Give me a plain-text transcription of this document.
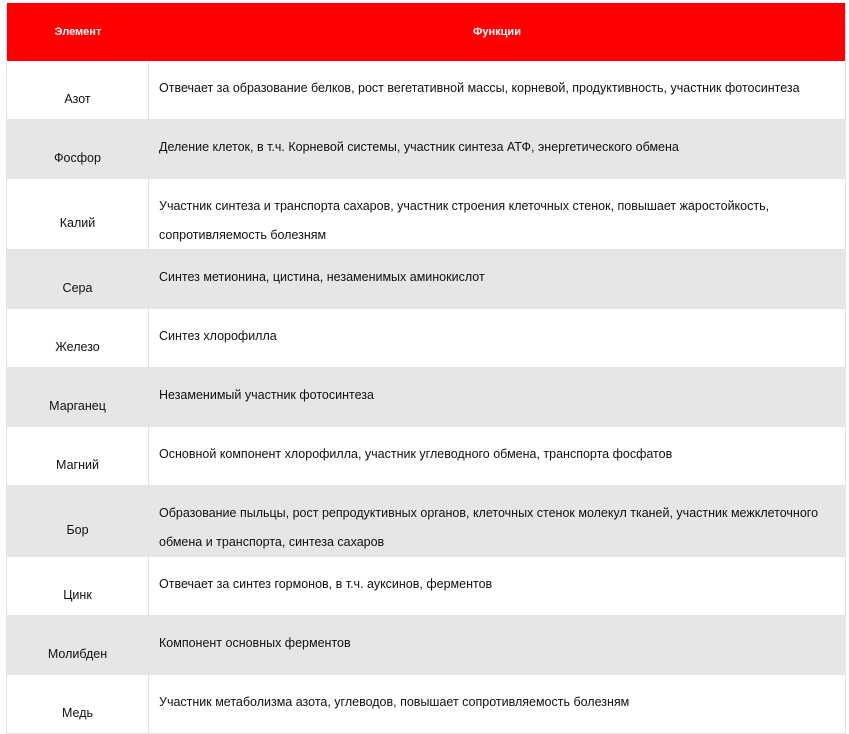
Элемент	Функции
Азот
Отвечает за образование белков, рост вегетативной массы, корневой, продуктивность, участник фотосинтеза
Фосфор
Деление клеток, в т.ч. Корневой системы, участник синтеза АТФ, энергетического обмена
Калий
Участник синтеза и транспорта сахаров, участник строения клеточных стенок, повышает жаростойкость, сопротивляемость болезням
Сера
Синтез метионина, цистина, незаменимых аминокислот
Железо
Синтез хлорофилла
Марганец
Незаменимый участник фотосинтеза
Магний
Основной компонент хлорофилла, участник углеводного обмена, транспорта фосфатов
Бор
Образование пыльцы, рост репродуктивных органов, клеточных стенок молекул тканей, участник межклеточного обмена и транспорта, синтеза сахаров
Цинк
Отвечает за синтез гормонов, в т.ч. ауксинов, ферментов
Молибден
Компонент основных ферментов
Медь
Участник метаболизма азота, углеводов, повышает сопротивляемость болезням
